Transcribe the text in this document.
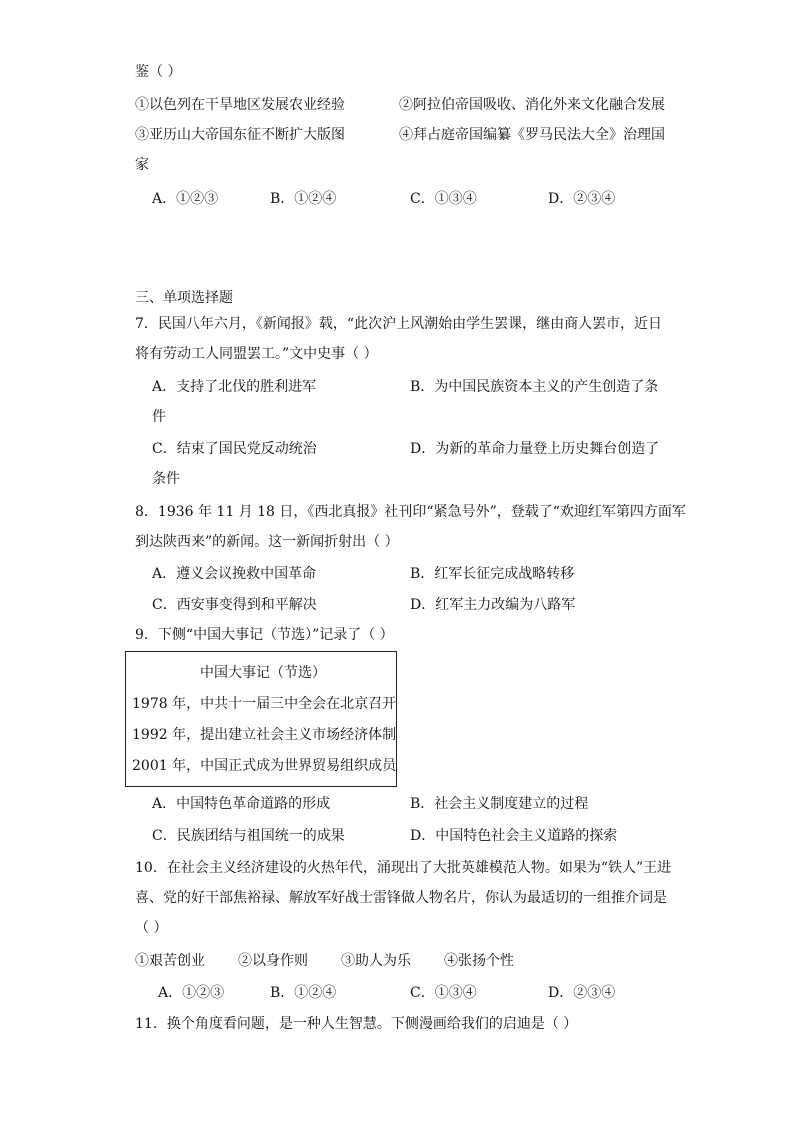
鉴（ ）
①以色列在干旱地区发展农业经验	②阿拉伯帝国吸收、消化外来文化融合发展
③亚历山大帝国东征不断扩大版图	④拜占庭帝国编纂《罗马民法大全》治理国
家
A．①②③	B．①②④	C．①③④	D．②③④
三、单项选择题
7．民国八年六月，《新闻报》载，“此次沪上风潮始由学生罢课，继由商人罢市，近日
将有劳动工人同盟罢工。”文中史事（ ）
A．支持了北伐的胜利进军	B．为中国民族资本主义的产生创造了条
件
C．结束了国民党反动统治	D．为新的革命力量登上历史舞台创造了
条件
8．1936 年 11 月 18 日，《西北真报》社刊印“紧急号外”，登载了“欢迎红军第四方面军
到达陕西来”的新闻。这一新闻折射出（ ）
A．遵义会议挽救中国革命	B．红军长征完成战略转移
C．西安事变得到和平解决	D．红军主力改编为八路军
9．下侧“中国大事记（节选）”记录了（ ）
中国大事记（节选）
1978 年，中共十一届三中全会在北京召开
1992 年，提出建立社会主义市场经济体制
2001 年，中国正式成为世界贸易组织成员
A．中国特色革命道路的形成	B．社会主义制度建立的过程
C．民族团结与祖国统一的成果	D．中国特色社会主义道路的探索
10．在社会主义经济建设的火热年代，涌现出了大批英雄模范人物。如果为“铁人”王进
喜、党的好干部焦裕禄、解放军好战士雷锋做人物名片，你认为最适切的一组推介词是
（ ）
①艰苦创业 ②以身作则 ③助人为乐 ④张扬个性
A．①②③	B．①②④	C．①③④	D．②③④
11．换个角度看问题，是一种人生智慧。下侧漫画给我们的启迪是（ ）
